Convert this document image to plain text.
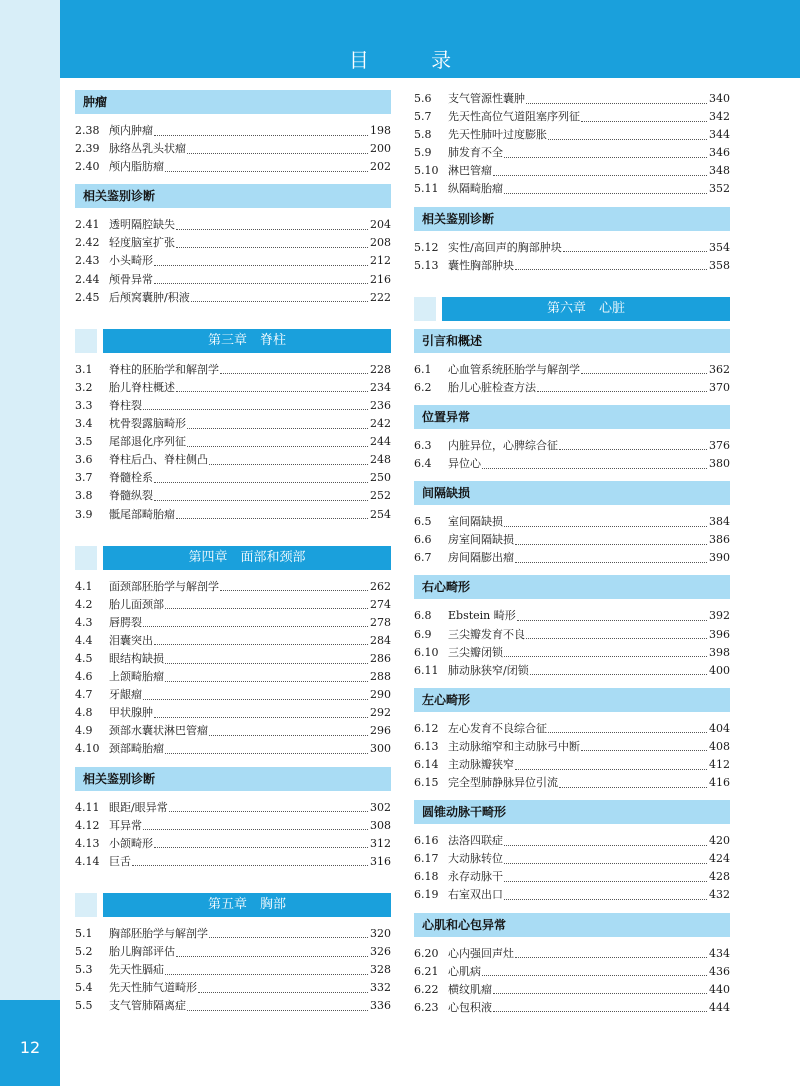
目 录
12
肿瘤
2.38 颅内肿瘤	198
2.39 脉络丛乳头状瘤	200
2.40 颅内脂肪瘤	202
相关鉴别诊断
2.41 透明隔腔缺失	204
2.42 轻度脑室扩张	208
2.43 小头畸形	212
2.44 颅骨异常	216
2.45 后颅窝囊肿/积液	222
第三章　脊柱
3.1	脊柱的胚胎学和解剖学	228
3.2	胎儿脊柱概述	234
3.3	脊柱裂	236
3.4	枕骨裂露脑畸形	242
3.5	尾部退化序列征	244
3.6	脊柱后凸、脊柱侧凸	248
3.7	脊髓栓系	250
3.8	脊髓纵裂	252
3.9	骶尾部畸胎瘤	254
第四章　面部和颈部
4.1	面颈部胚胎学与解剖学	262
4.2	胎儿面颈部	274
4.3	唇腭裂	278
4.4	泪囊突出	284
4.5	眼结构缺损	286
4.6	上颌畸胎瘤	288
4.7	牙龈瘤	290
4.8	甲状腺肿	292
4.9	颈部水囊状淋巴管瘤	296
4.10 颈部畸胎瘤	300
相关鉴别诊断
4.11 眼距/眼异常	302
4.12 耳异常	308
4.13 小颌畸形	312
4.14 巨舌	316
第五章　胸部
5.1	胸部胚胎学与解剖学	320
5.2	胎儿胸部评估	326
5.3	先天性膈疝	328
5.4	先天性肺气道畸形	332
5.5	支气管肺隔离症	336
5.6	支气管源性囊肿	340
5.7	先天性高位气道阻塞序列征	342
5.8	先天性肺叶过度膨胀	344
5.9	肺发育不全	346
5.10 淋巴管瘤	348
5.11 纵隔畸胎瘤	352
相关鉴别诊断
5.12 实性/高回声的胸部肿块	354
5.13 囊性胸部肿块	358
第六章　心脏
引言和概述
6.1	心血管系统胚胎学与解剖学	362
6.2	胎儿心脏检查方法	370
位置异常
6.3	内脏异位，心脾综合征	376
6.4	异位心	380
间隔缺损
6.5	室间隔缺损	384
6.6	房室间隔缺损	386
6.7	房间隔膨出瘤	390
右心畸形
6.8	Ebstein 畸形	392
6.9	三尖瓣发育不良	396
6.10 三尖瓣闭锁	398
6.11 肺动脉狭窄/闭锁	400
左心畸形
6.12 左心发育不良综合征	404
6.13 主动脉缩窄和主动脉弓中断	408
6.14 主动脉瓣狭窄	412
6.15 完全型肺静脉异位引流	416
圆锥动脉干畸形
6.16 法洛四联症	420
6.17 大动脉转位	424
6.18 永存动脉干	428
6.19 右室双出口	432
心肌和心包异常
6.20 心内强回声灶	434
6.21 心肌病	436
6.22 横纹肌瘤	440
6.23 心包积液	444
